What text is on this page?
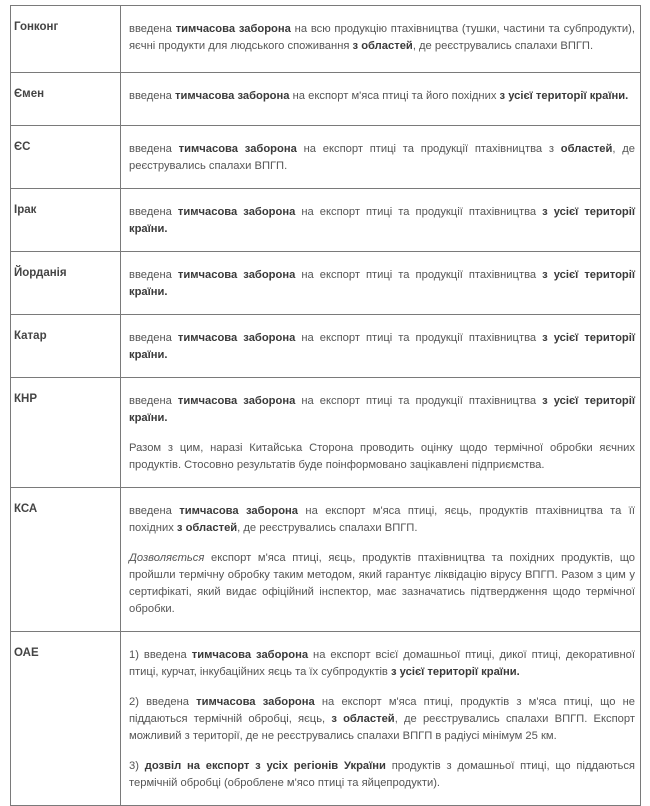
Гонконг	введена тимчасова заборона на всю продукцію птахівництва (тушки, частини та субпродукти), яєчні продукти для людського споживання з областей, де реєструвались спалахи ВПГП.

Ємен	введена тимчасова заборона на експорт м'яса птиці та його похідних з усієї території країни.

ЄС	введена тимчасова заборона на експорт птиці та продукції птахівництва з областей, де реєструвались спалахи ВПГП.

Ірак	введена тимчасова заборона на експорт птиці та продукції птахівництва з усієї території країни.

Йорданія	введена тимчасова заборона на експорт птиці та продукції птахівництва з усієї території країни.

Катар	введена тимчасова заборона на експорт птиці та продукції птахівництва з усієї території країни.

КНР	введена тимчасова заборона на експорт птиці та продукції птахівництва з усієї території країни.

Разом з цим, наразі Китайська Сторона проводить оцінку щодо термічної обробки яєчних продуктів. Стосовно результатів буде поінформовано зацікавлені підприємства.

КСА	введена тимчасова заборона на експорт м'яса птиці, яєць, продуктів птахівництва та її похідних з областей, де реєструвались спалахи ВПГП.

Дозволяється експорт м'яса птиці, яєць, продуктів птахівництва та похідних продуктів, що пройшли термічну обробку таким методом, який гарантує ліквідацію вірусу ВПГП. Разом з цим у сертифікаті, який видає офіційний інспектор, має зазначатись підтвердження щодо термічної обробки.

ОАЕ	1) введена тимчасова заборона на експорт всієї домашньої птиці, дикої птиці, декоративної птиці, курчат, інкубаційних яєць та їх субпродуктів з усієї території країни.

2) введена тимчасова заборона на експорт м'яса птиці, продуктів з м'яса птиці, що не піддаються термічній обробці, яєць, з областей, де реєструвались спалахи ВПГП. Експорт можливий з території, де не реєструвались спалахи ВПГП в радіусі мінімум 25 км.

3) дозвіл на експорт з усіх регіонів України продуктів з домашньої птиці, що піддаються термічній обробці (оброблене м'ясо птиці та яйцепродукти).
